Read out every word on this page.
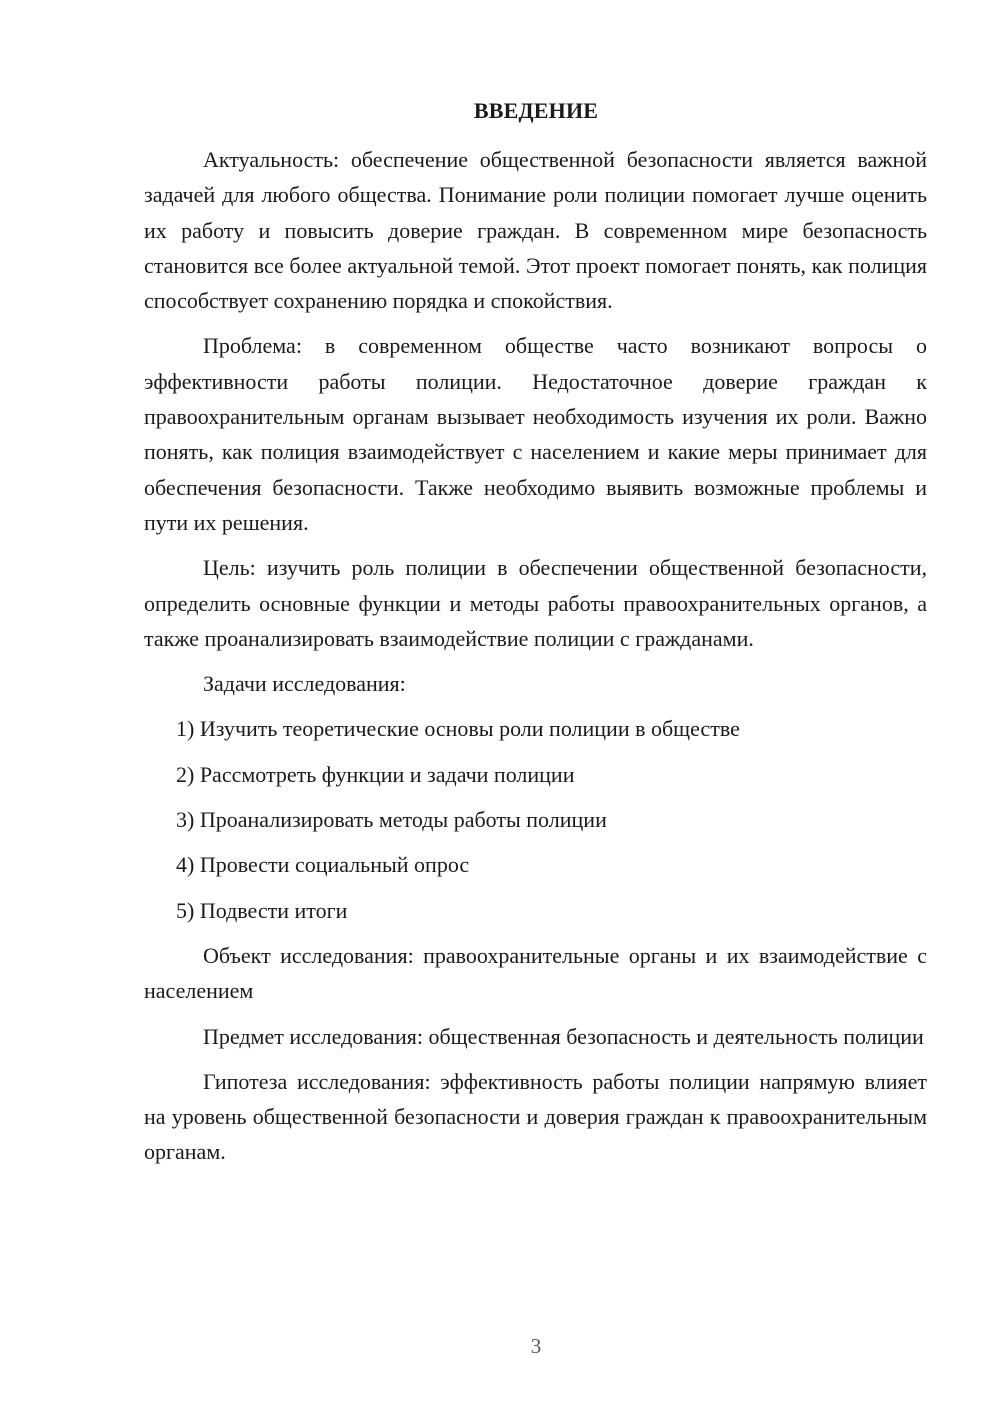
ВВЕДЕНИЕ

Актуальность: обеспечение общественной безопасности является важной задачей для любого общества. Понимание роли полиции помогает лучше оценить их работу и повысить доверие граждан. В современном мире безопасность становится все более актуальной темой. Этот проект помогает понять, как полиция способствует сохранению порядка и спокойствия.

Проблема: в современном обществе часто возникают вопросы о эффективности работы полиции. Недостаточное доверие граждан к правоохранительным органам вызывает необходимость изучения их роли. Важно понять, как полиция взаимодействует с населением и какие меры принимает для обеспечения безопасности. Также необходимо выявить возможные проблемы и пути их решения.

Цель: изучить роль полиции в обеспечении общественной безопасности, определить основные функции и методы работы правоохранительных органов, а также проанализировать взаимодействие полиции с гражданами.

Задачи исследования:

1) Изучить теоретические основы роли полиции в обществе
2) Рассмотреть функции и задачи полиции
3) Проанализировать методы работы полиции
4) Провести социальный опрос
5) Подвести итоги

Объект исследования: правоохранительные органы и их взаимодействие с населением

Предмет исследования: общественная безопасность и деятельность полиции

Гипотеза исследования: эффективность работы полиции напрямую влияет на уровень общественной безопасности и доверия граждан к правоохранительным органам.

3
